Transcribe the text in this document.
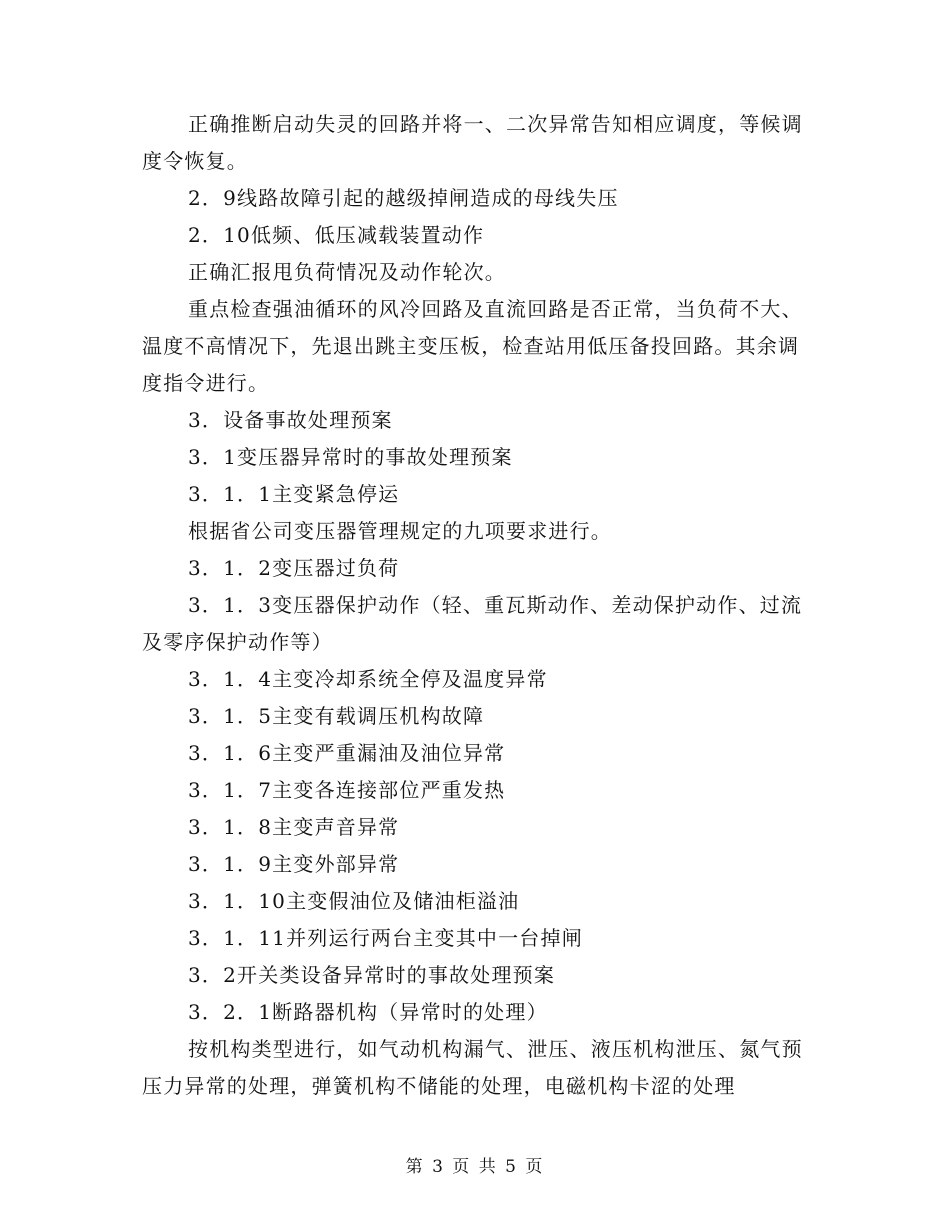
正确推断启动失灵的回路并将一、二次异常告知相应调度，等候调度令恢复。

2．9线路故障引起的越级掉闸造成的母线失压

2．10低频、低压减载装置动作

正确汇报甩负荷情况及动作轮次。

重点检查强油循环的风冷回路及直流回路是否正常，当负荷不大、温度不高情况下，先退出跳主变压板，检查站用低压备投回路。其余调度指令进行。

3．设备事故处理预案

3．1变压器异常时的事故处理预案

3．1．1主变紧急停运

根据省公司变压器管理规定的九项要求进行。

3．1．2变压器过负荷

3．1．3变压器保护动作（轻、重瓦斯动作、差动保护动作、过流及零序保护动作等）

3．1．4主变冷却系统全停及温度异常

3．1．5主变有载调压机构故障

3．1．6主变严重漏油及油位异常

3．1．7主变各连接部位严重发热

3．1．8主变声音异常

3．1．9主变外部异常

3．1．10主变假油位及储油柜溢油

3．1．11并列运行两台主变其中一台掉闸

3．2开关类设备异常时的事故处理预案

3．2．1断路器机构（异常时的处理）

按机构类型进行，如气动机构漏气、泄压、液压机构泄压、氮气预压力异常的处理，弹簧机构不储能的处理，电磁机构卡涩的处理

第 3 页 共 5 页
